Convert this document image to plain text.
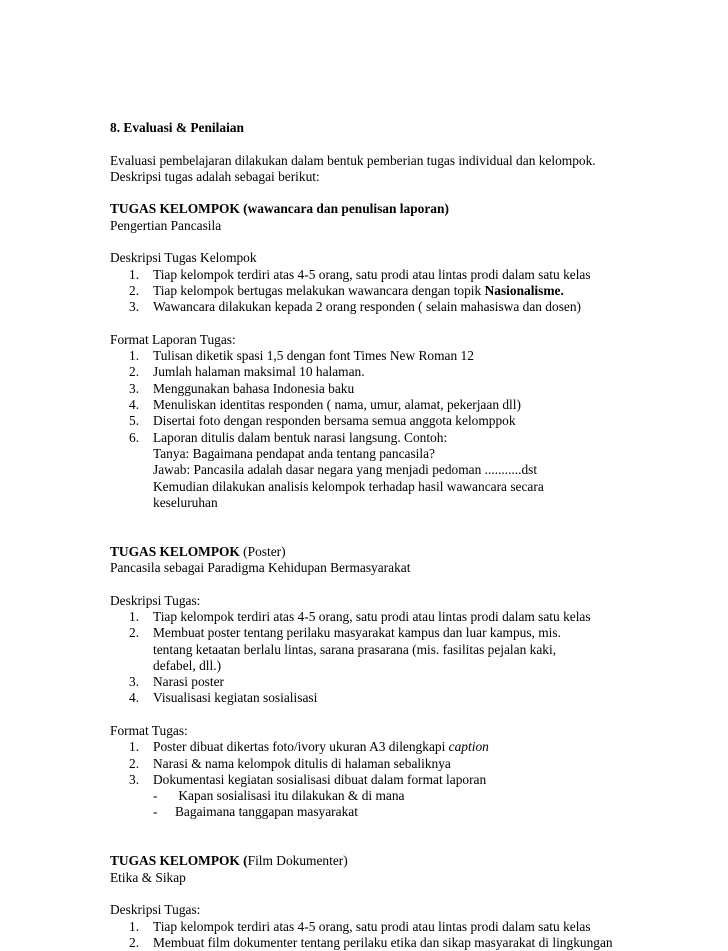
8. Evaluasi & Penilaian

Evaluasi pembelajaran dilakukan dalam bentuk pemberian tugas individual dan kelompok.

Deskripsi tugas adalah sebagai berikut:

TUGAS KELOMPOK (wawancara dan penulisan laporan)

Pengertian Pancasila

Deskripsi Tugas Kelompok

1. Tiap kelompok terdiri atas 4-5 orang, satu prodi atau lintas prodi dalam satu kelas
2. Tiap kelompok bertugas melakukan wawancara dengan topik Nasionalisme.
3. Wawancara dilakukan kepada 2 orang responden ( selain mahasiswa dan dosen)

Format Laporan Tugas:

1. Tulisan diketik spasi 1,5 dengan font Times New Roman 12
2. Jumlah halaman maksimal 10 halaman.
3. Menggunakan bahasa Indonesia baku
4. Menuliskan identitas responden ( nama, umur, alamat, pekerjaan dll)
5. Disertai foto dengan responden bersama semua anggota kelomppok
6. Laporan ditulis dalam bentuk narasi langsung. Contoh:
Tanya: Bagaimana pendapat anda tentang pancasila?
Jawab: Pancasila adalah dasar negara yang menjadi pedoman ...........dst
Kemudian dilakukan analisis kelompok terhadap hasil wawancara secara
keseluruhan

TUGAS KELOMPOK (Poster)

Pancasila sebagai Paradigma Kehidupan Bermasyarakat

Deskripsi Tugas:

1. Tiap kelompok terdiri atas 4-5 orang, satu prodi atau lintas prodi dalam satu kelas
2. Membuat poster tentang perilaku masyarakat kampus dan luar kampus, mis.
tentang ketaatan berlalu lintas, sarana prasarana (mis. fasilitas pejalan kaki,
defabel, dll.)
3. Narasi poster
4. Visualisasi kegiatan sosialisasi

Format Tugas:

1. Poster dibuat dikertas foto/ivory ukuran A3 dilengkapi caption
2. Narasi & nama kelompok ditulis di halaman sebaliknya
3. Dokumentasi kegiatan sosialisasi dibuat dalam format laporan
- Kapan sosialisasi itu dilakukan & di mana
- Bagaimana tanggapan masyarakat

TUGAS KELOMPOK (Film Dokumenter)

Etika & Sikap

Deskripsi Tugas:

1. Tiap kelompok terdiri atas 4-5 orang, satu prodi atau lintas prodi dalam satu kelas
2. Membuat film dokumenter tentang perilaku etika dan sikap masyarakat di lingkungan
